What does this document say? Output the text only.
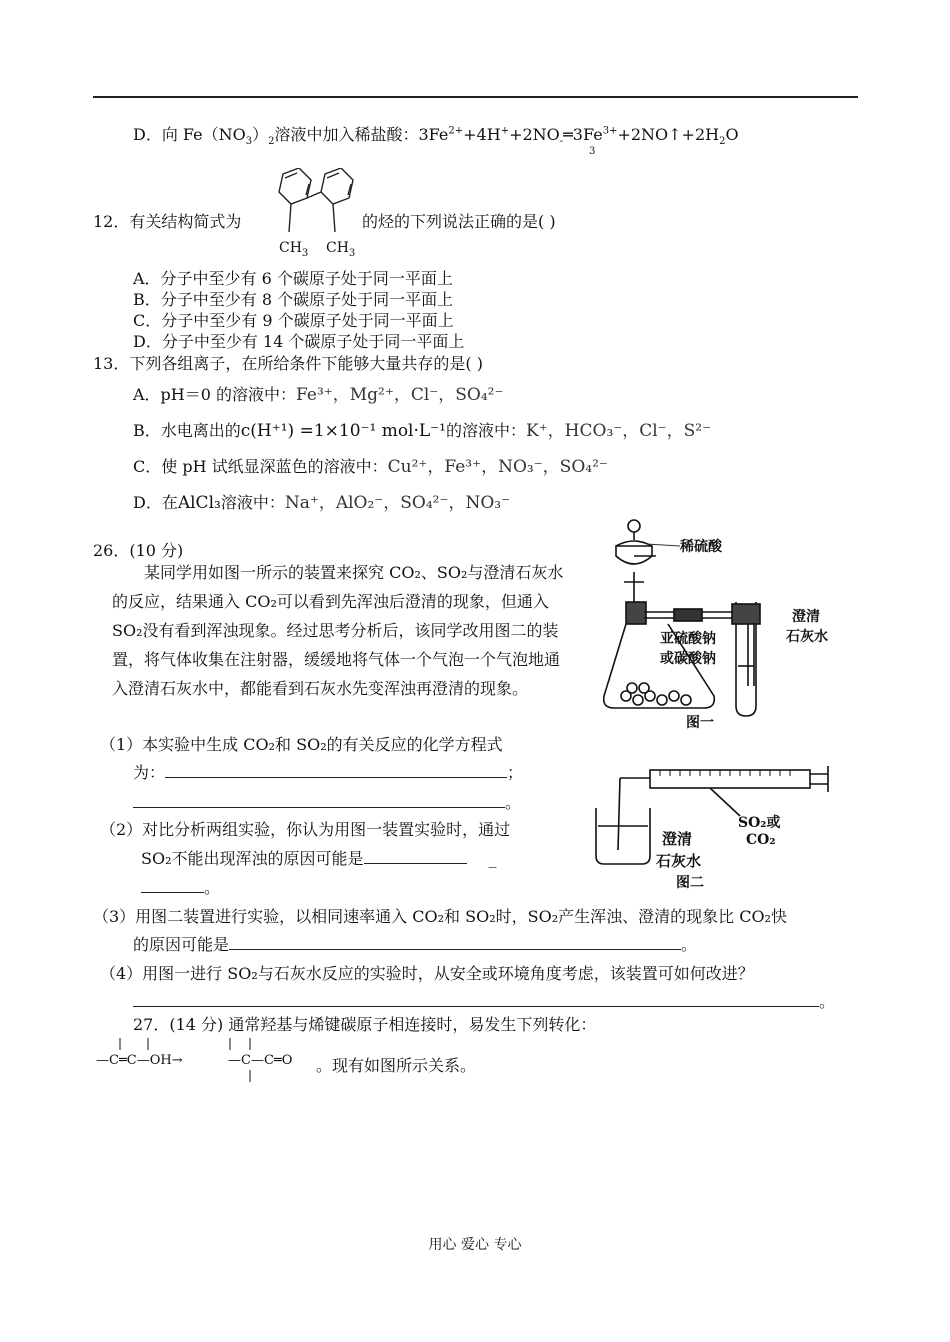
D．向 $Fe(NO_3)_2$溶液中加入稀盐酸：$3Fe^{2+}+4H^++2NO_-═3Fe^{3+}+2NO↑+2H_2O$
3
12．有关结构简式为
$CH_3$ $CH_3$
的烃的下列说法正确的是( )
A．分子中至少有 6 个碳原子处于同一平面上
B．分子中至少有 8 个碳原子处于同一平面上
C．分子中至少有 9 个碳原子处于同一平面上
D．分子中至少有 14 个碳原子处于同一平面上
13．下列各组离子，在所给条件下能够大量共存的是( )
A．pH＝0 的溶液中：Fe³⁺，Mg²⁺，Cl⁻，SO₄²⁻
B．水电离出的c(H⁺¹) =1×10⁻¹ mol·L⁻¹的溶液中：K⁺，HCO₃⁻，Cl⁻，S²⁻
C．使 pH 试纸显深蓝色的溶液中：Cu²⁺，Fe³⁺，NO₃⁻，SO₄²⁻
D．在AlCl₃溶液中：Na⁺，AlO₂⁻，SO₄²⁻，NO₃⁻
26．(10 分)
某同学用如图一所示的装置来探究 CO₂、SO₂与澄清石灰水的反应，结果通入 CO₂可以看到先浑浊后澄清的现象，但通入 SO₂没有看到浑浊现象。经过思考分析后，该同学改用图二的装置，将气体收集在注射器，缓缓地将气体一个气泡一个气泡地通入澄清石灰水中，都能看到石灰水先变浑浊再澄清的现象。
（1）本实验中生成 CO₂和 SO₂的有关反应的化学方程式
为：	；
。
（2）对比分析两组实验，你认为用图一装置实验时，通过
SO₂不能出现浑浊的原因可能是	_
。
（3）用图二装置进行实验，以相同速率通入 CO₂和 SO₂时，SO₂产生浑浊、澄清的现象比 CO₂快
的原因可能是	。
（4）用图一进行 SO₂与石灰水反应的实验时，从安全或环境角度考虑，该装置可如何改进？
。
稀硫酸
亚硫酸钠
或碳酸钠
澄清
石灰水
图一
SO₂或
CO₂
澄清
石灰水
图二
27．(14 分) 通常羟基与烯键碳原子相连接时，易发生下列转化：
—C═C—OH→	—C—C═O 。现有如图所示关系。
用心 爱心 专心
